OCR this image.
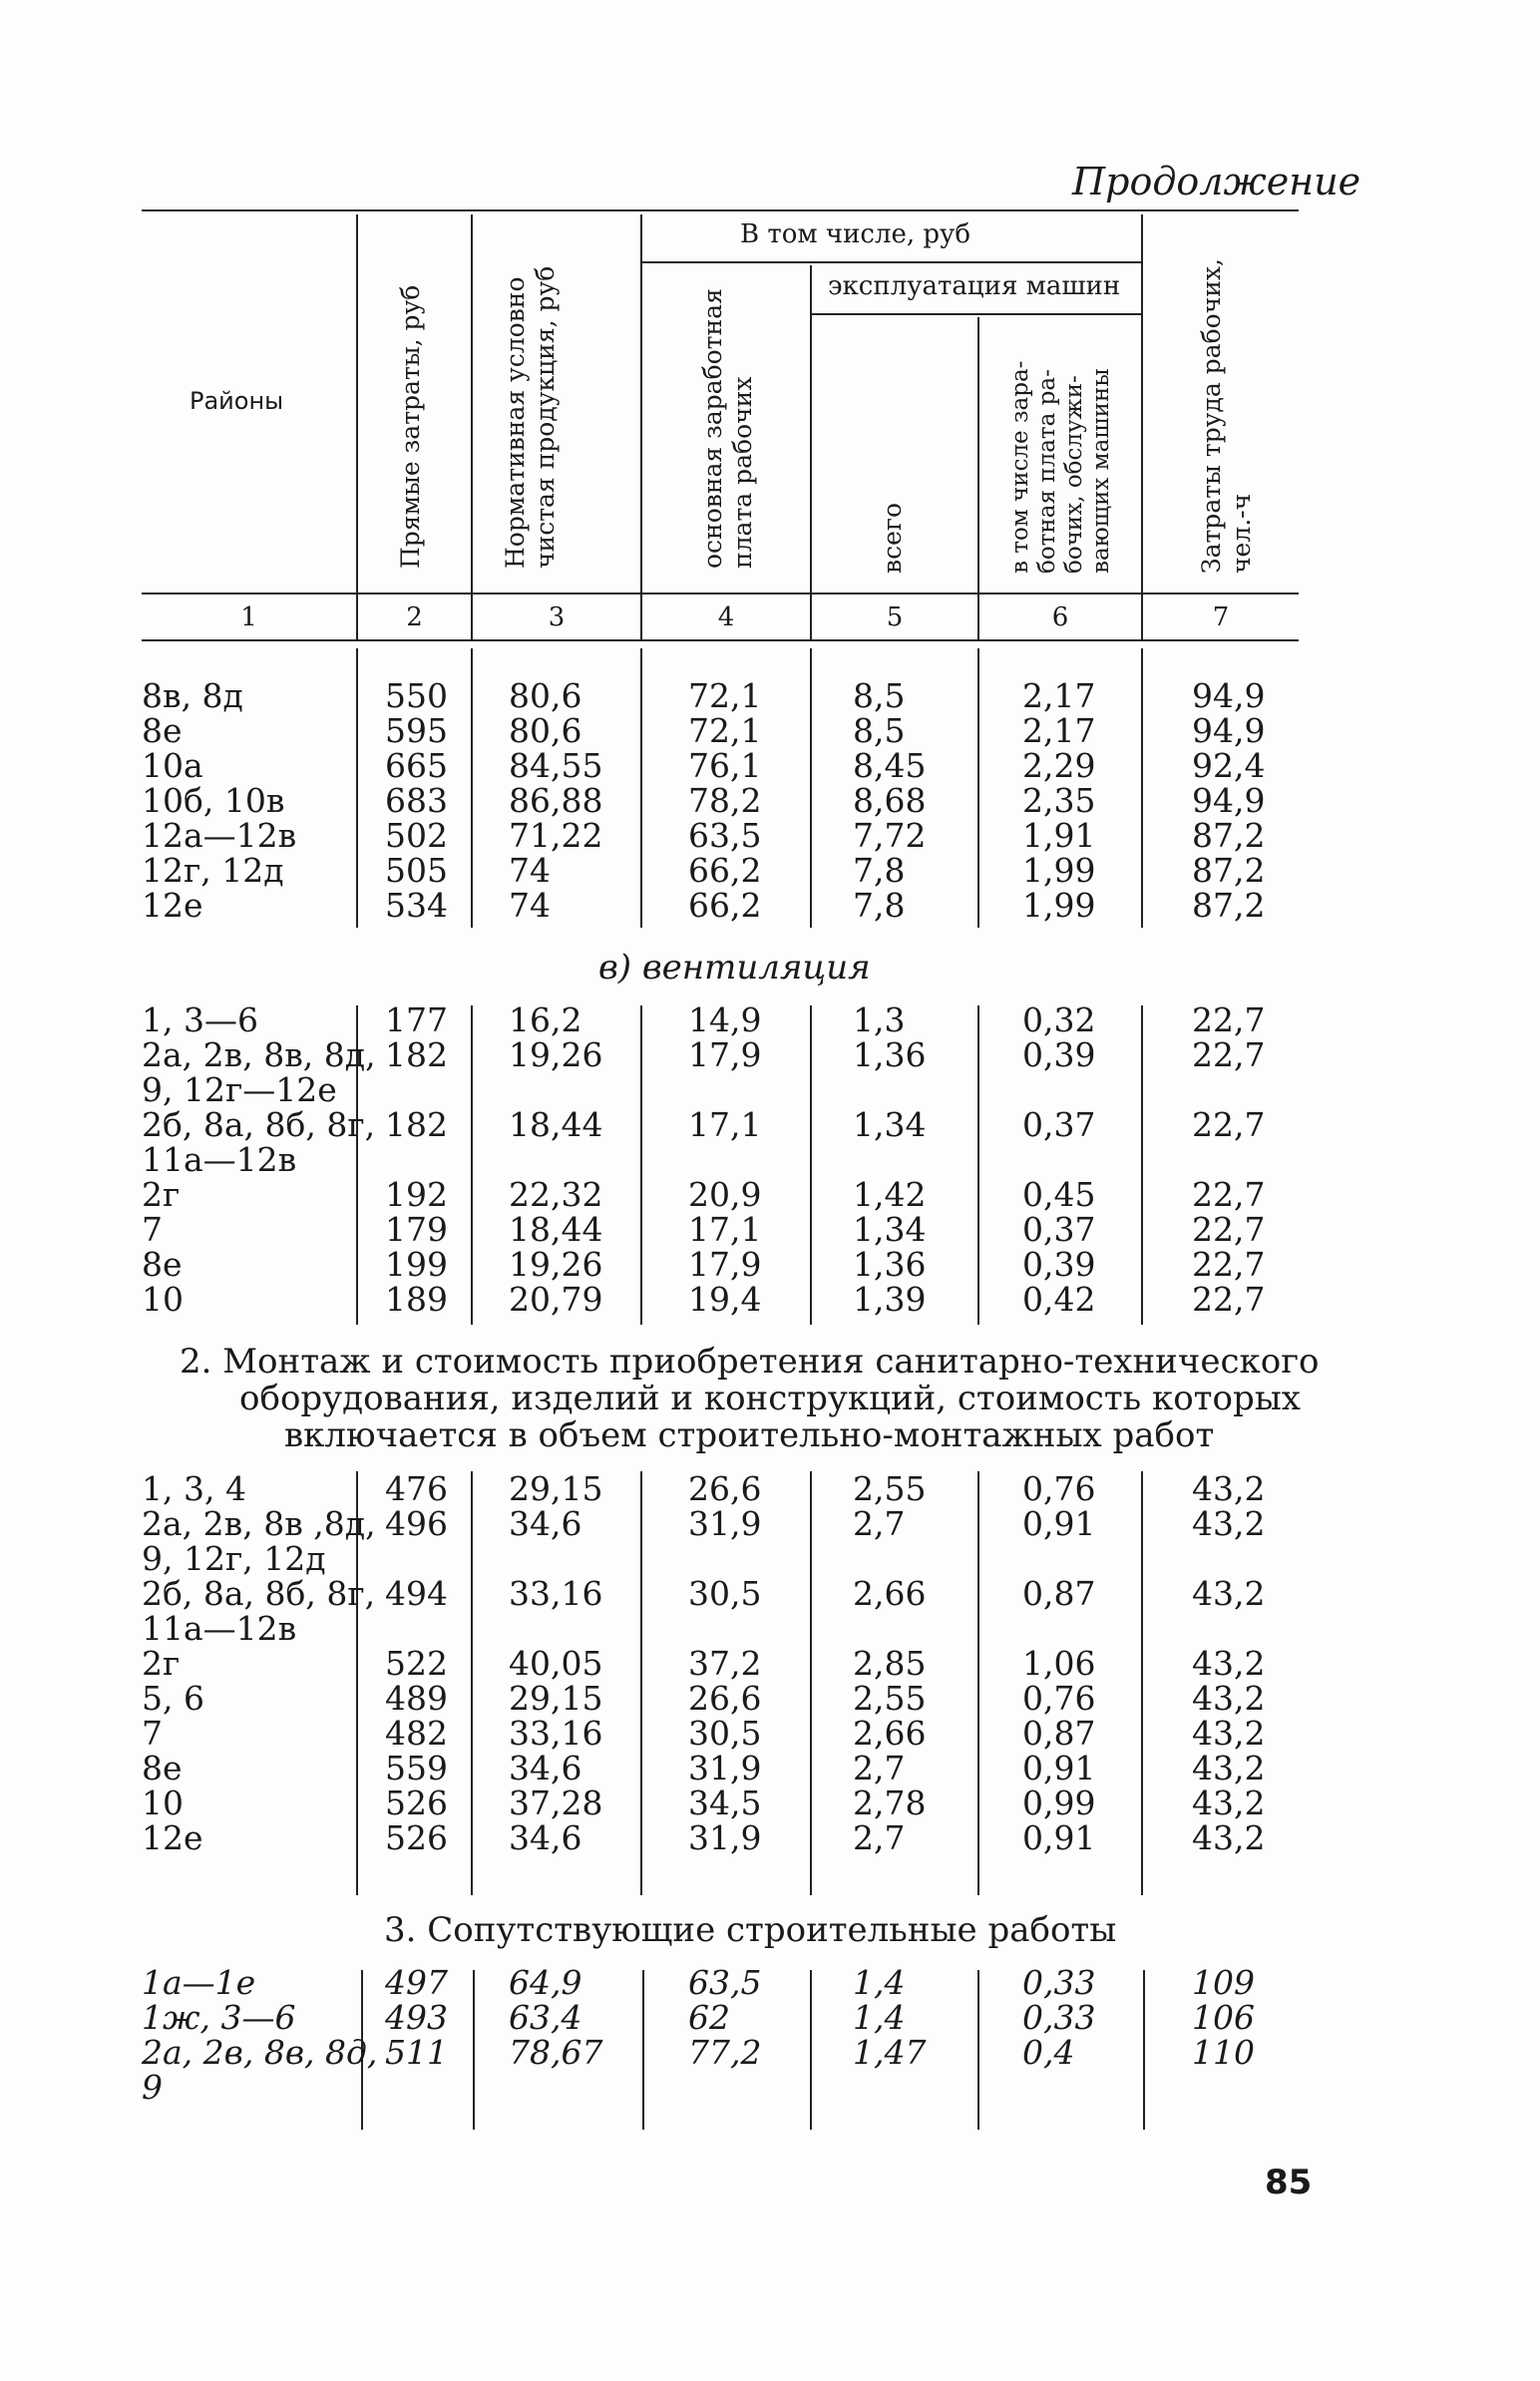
Продолжение
Районы	Прямые затраты, руб	Нормативная условно чистая продукция, руб
В том числе, руб
основная заработная плата рабочих
эксплуатация машин
всего	в том числе зара- ботная плата ра- бочих, обслужи- вающих машины	Затраты труда рабочих, чел.-ч
1	2	3	4	5	6	7
8в, 8д	550 80,6	72,1	8,5	2,17	94,9
8е	595 80,6	72,1	8,5	2,17	94,9
10а	665 84,55	76,1	8,45	2,29	92,4
10б, 10в	683 86,88	78,2	8,68	2,35	94,9
12а—12в	502 71,22	63,5	7,72	1,91	87,2
12г, 12д	505 74	66,2	7,8	1,99	87,2
12е	534 74	66,2	7,8	1,99	87,2
в) вентиляция
1, 3—6	177 16,2	14,9	1,3	0,32	22,7
2а, 2в, 8в, 8д, 182 19,26	17,9	1,36	0,39	22,7
9, 12г—12е
2б, 8а, 8б, 8г, 182 18,44	17,1	1,34	0,37	22,7
11а—12в
2г	192 22,32	20,9	1,42	0,45	22,7
7	179 18,44	17,1	1,34	0,37	22,7
8е	199 19,26	17,9	1,36	0,39	22,7
10	189 20,79	19,4	1,39	0,42	22,7
2. Монтаж и стоимость приобретения санитарно-технического
оборудования, изделий и конструкций, стоимость которых
включается в объем строительно-монтажных работ
1, 3, 4	476 29,15	26,6	2,55	0,76	43,2
2а, 2в, 8в ,8д, 496 34,6	31,9	2,7	0,91	43,2
9, 12г, 12д
2б, 8а, 8б, 8г, 494 33,16	30,5	2,66	0,87	43,2
11а—12в
2г	522 40,05	37,2	2,85	1,06	43,2
5, 6	489 29,15	26,6	2,55	0,76	43,2
7	482 33,16	30,5	2,66	0,87	43,2
8е	559 34,6	31,9	2,7	0,91	43,2
10	526 37,28	34,5	2,78	0,99	43,2
12е	526 34,6	31,9	2,7	0,91	43,2
3. Сопутствующие строительные работы
1а—1е	497 64,9	63,5	1,4	0,33	109
1ж, 3—6	493 63,4	62	1,4	0,33	106
2а, 2в, 8в, 8д, 511 78,67	77,2	1,47	0,4	110
9
85
